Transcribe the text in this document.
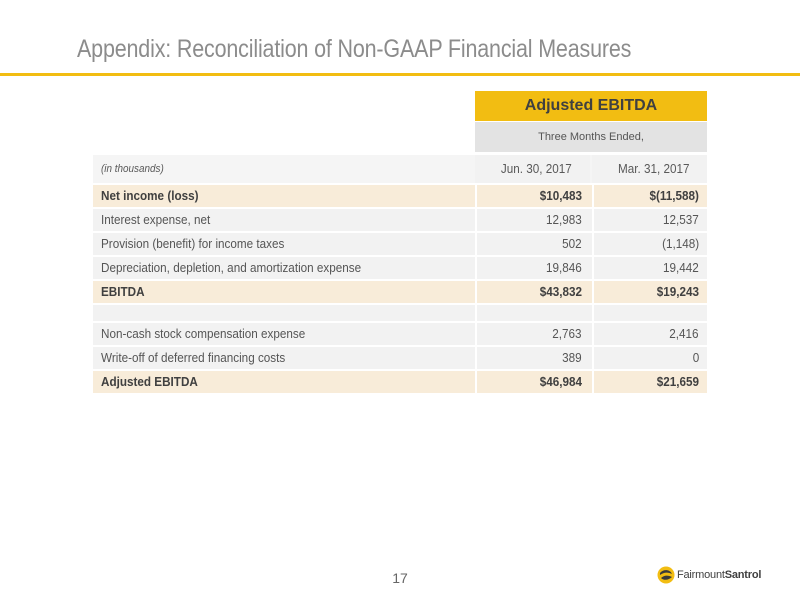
Appendix: Reconciliation of Non-GAAP Financial Measures
Adjusted EBITDA
Three Months Ended,
(in thousands)	Jun. 30, 2017	Mar. 31, 2017
Net income (loss)	$10,483	$(11,588)
Interest expense, net	12,983	12,537
Provision (benefit) for income taxes	502	(1,148)
Depreciation, depletion, and amortization expense	19,846	19,442
EBITDA	$43,832	$19,243
Non-cash stock compensation expense	2,763	2,416
Write-off of deferred financing costs	389	0
Adjusted EBITDA	$46,984	$21,659
17	FairmountSantrol
